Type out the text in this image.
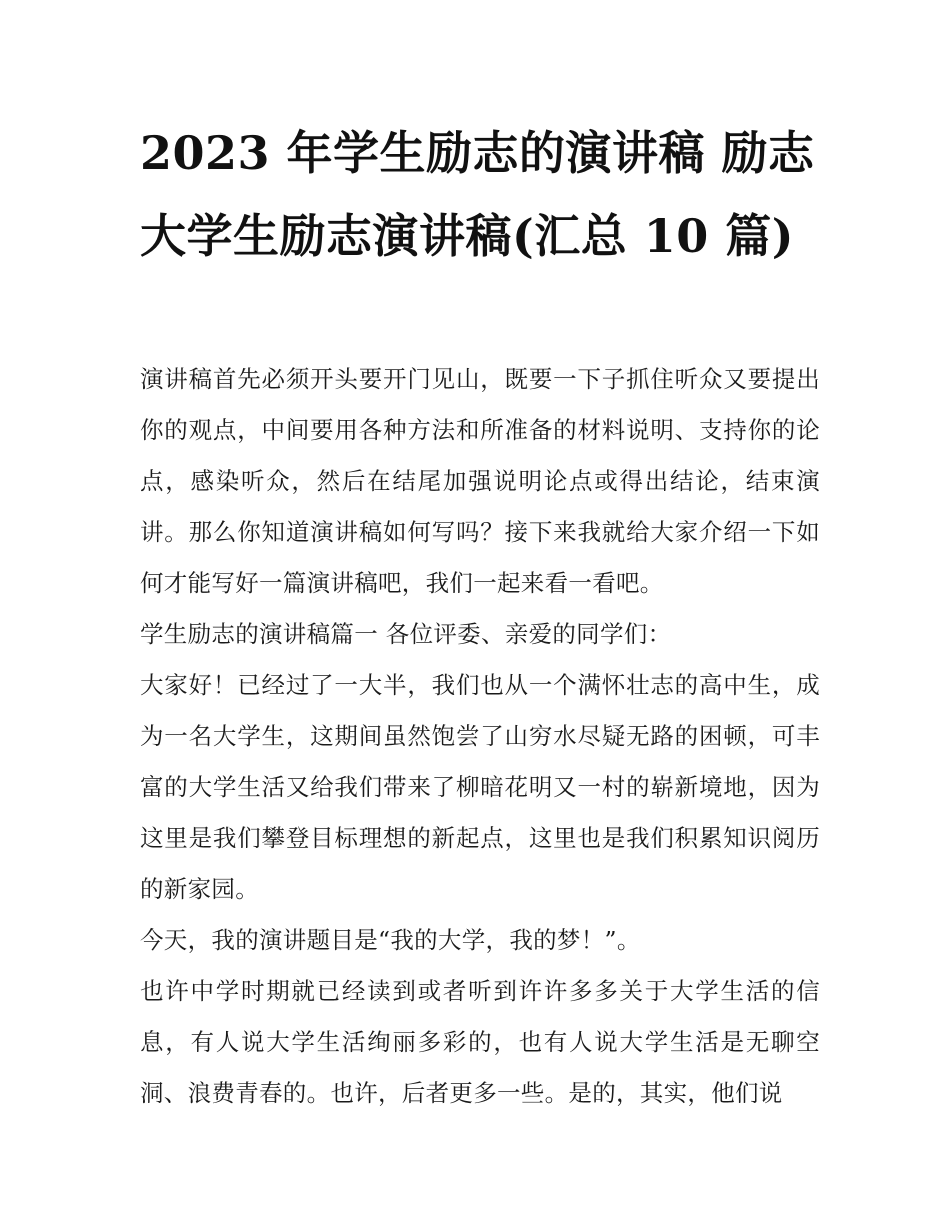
2023 年学生励志的演讲稿 励志大学生励志演讲稿(汇总 10 篇)

演讲稿首先必须开头要开门见山，既要一下子抓住听众又要提出你的观点，中间要用各种方法和所准备的材料说明、支持你的论点，感染听众，然后在结尾加强说明论点或得出结论，结束演讲。那么你知道演讲稿如何写吗？接下来我就给大家介绍一下如何才能写好一篇演讲稿吧，我们一起来看一看吧。

学生励志的演讲稿篇一 各位评委、亲爱的同学们：

大家好！已经过了一大半，我们也从一个满怀壮志的高中生，成为一名大学生，这期间虽然饱尝了山穷水尽疑无路的困顿，可丰富的大学生活又给我们带来了柳暗花明又一村的崭新境地，因为这里是我们攀登目标理想的新起点，这里也是我们积累知识阅历的新家园。

今天，我的演讲题目是“我的大学，我的梦！”。

也许中学时期就已经读到或者听到许许多多关于大学生活的信息，有人说大学生活绚丽多彩的，也有人说大学生活是无聊空洞、浪费青春的。也许，后者更多一些。是的，其实，他们说
